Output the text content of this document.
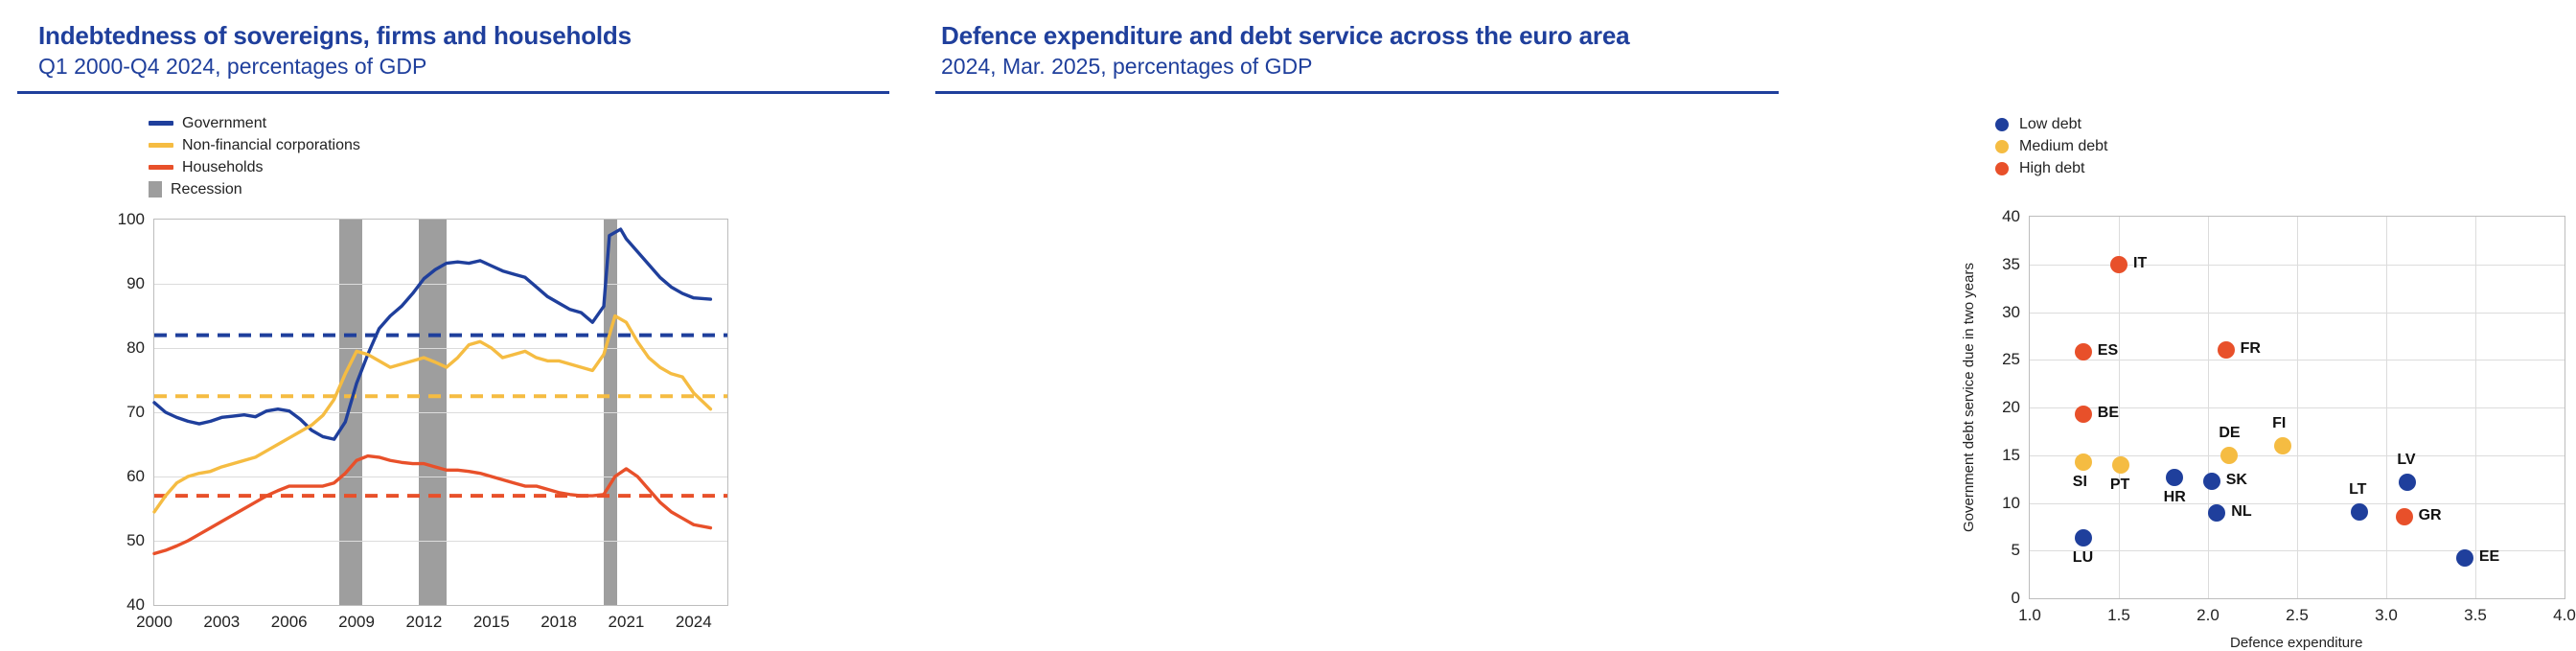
Indebtedness of sovereigns, firms and households
Q1 2000-Q4 2024, percentages of GDP
Government
Non-financial corporations
Households
Recession
40
50
60
70
80
90
100
2000 2003 2006 2009 2012 2015 2018 2021 2024
Defence expenditure and debt service across the euro area
2024, Mar. 2025, percentages of GDP
Low debt
Medium debt
High debt
0
5
10
15
20
25
30
35
40
1.0	1.5	2.0	2.5	3.0	3.5	4.0
Defence expenditure
Government debt service due in two years	IT
ES	FR
BE
FI
DE
SI PT
HR
SK
LV
LT
NL	GR
LU	EE
